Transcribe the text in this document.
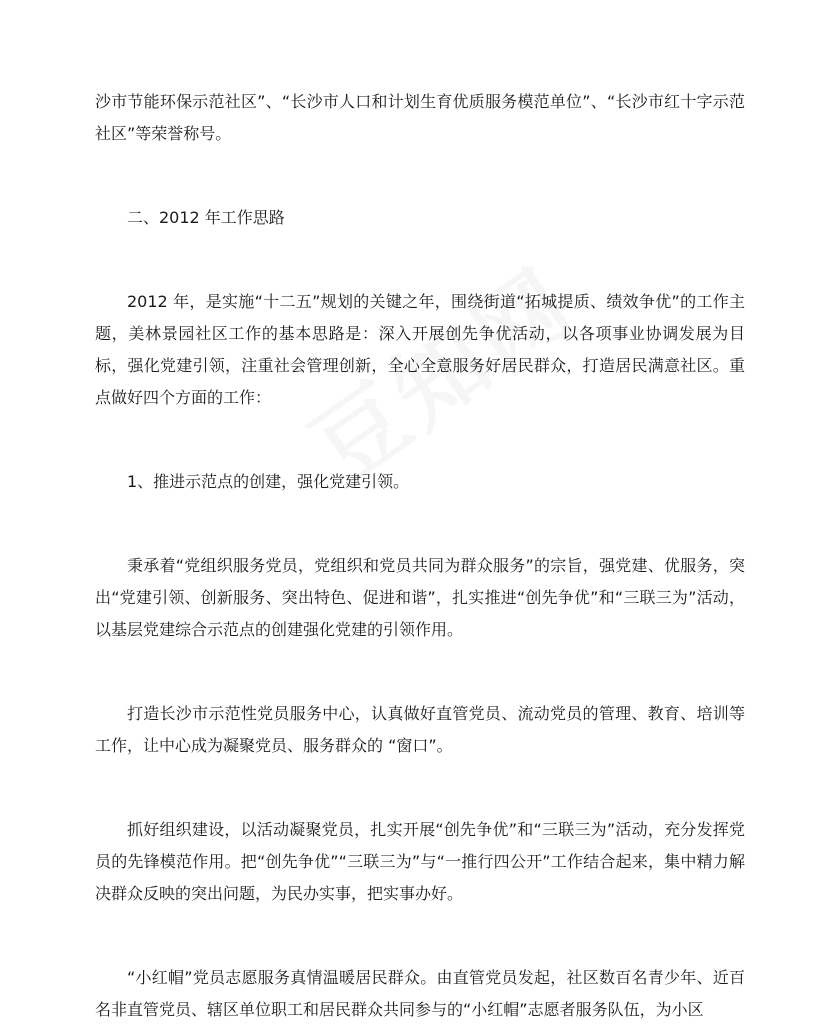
沙市节能环保示范社区”、“长沙市人口和计划生育优质服务模范单位”、“长沙市红十字示范社区”等荣誉称号。

二、2012 年工作思路

2012 年，是实施“十二五”规划的关键之年，围绕街道“拓城提质、绩效争优”的工作主题，美林景园社区工作的基本思路是：深入开展创先争优活动，以各项事业协调发展为目标，强化党建引领，注重社会管理创新，全心全意服务好居民群众，打造居民满意社区。重点做好四个方面的工作：

1、推进示范点的创建，强化党建引领。

秉承着“党组织服务党员，党组织和党员共同为群众服务”的宗旨，强党建、优服务，突出“党建引领、创新服务、突出特色、促进和谐”，扎实推进“创先争优”和“三联三为”活动，以基层党建综合示范点的创建强化党建的引领作用。

打造长沙市示范性党员服务中心，认真做好直管党员、流动党员的管理、教育、培训等工作，让中心成为凝聚党员、服务群众的 “窗口”。

抓好组织建设，以活动凝聚党员，扎实开展“创先争优”和“三联三为”活动，充分发挥党员的先锋模范作用。把“创先争优”“三联三为”与“一推行四公开”工作结合起来，集中精力解决群众反映的突出问题，为民办实事，把实事办好。

“小红帽”党员志愿服务真情温暖居民群众。由直管党员发起，社区数百名青少年、近百名非直管党员、辖区单位职工和居民群众共同参与的“小红帽”志愿者服务队伍，为小区
